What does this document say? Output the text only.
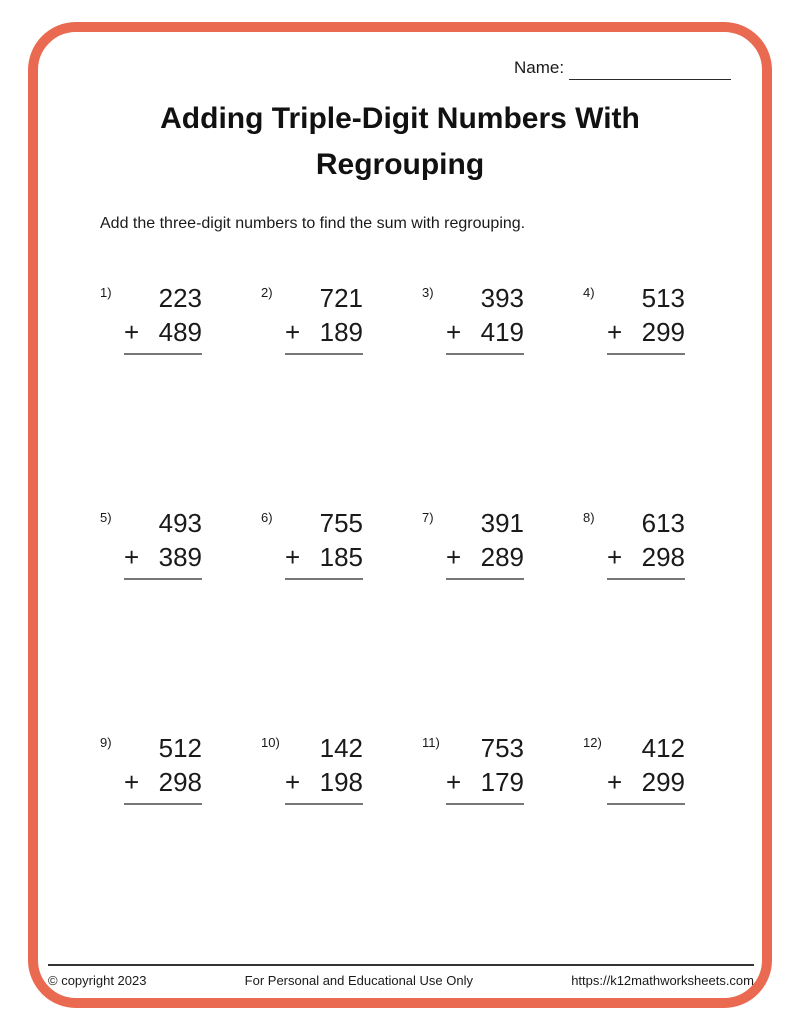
Name:
Adding Triple-Digit Numbers With Regrouping
Add the three-digit numbers to find the sum with regrouping.
1)	223
+ 489
2)	721
+ 189
3)	393
+ 419
4)	513
+ 299
5)	493
+ 389
6)	755
+ 185
7)	391
+ 289
8)	613
+ 298
9)	512
+ 298
10)	142
+ 198
11)	753
+ 179
12)	412
+ 299
© copyright 2023	For Personal and Educational Use Only	https://k12mathworksheets.com
